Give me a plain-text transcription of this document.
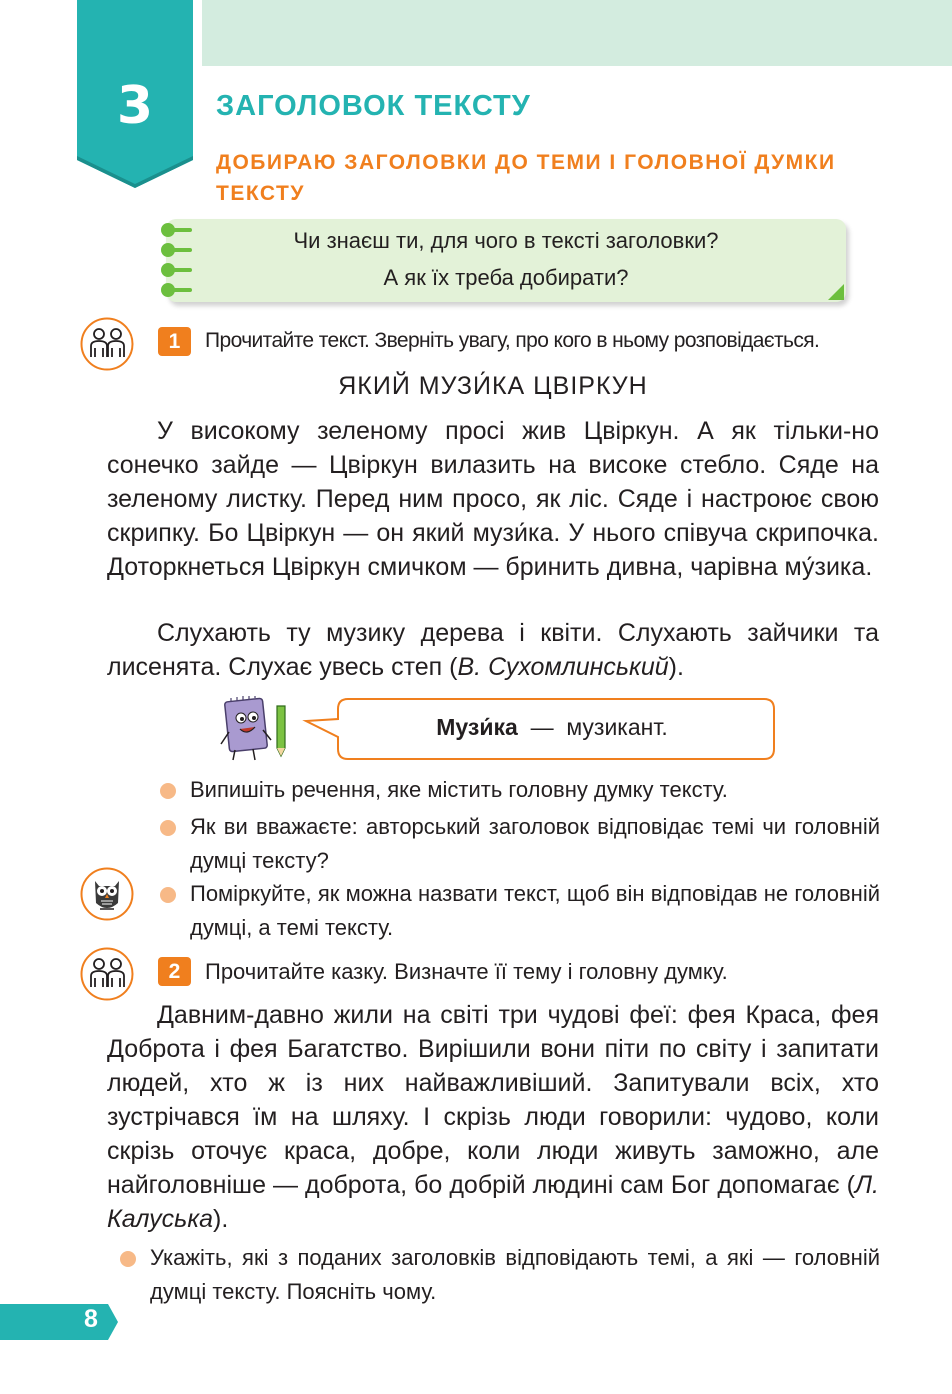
3	ЗАГОЛОВОК ТЕКСТУ
ДОБИРАЮ ЗАГОЛОВКИ ДО ТЕМИ І ГОЛОВНОЇ ДУМКИ ТЕКСТУ
Чи знаєш ти, для чого в тексті заголовки?
А як їх треба добирати?
1	Прочитайте текст. Зверніть увагу, про кого в ньому розповідається.
ЯКИЙ МУЗИ́КА ЦВІРКУН
У високому зеленому просі жив Цвіркун. А як тільки-но сонечко зайде — Цвіркун вилазить на високе стебло. Сяде на зеленому листку. Перед ним просо, як ліс. Сяде і настроює свою скрипку. Бо Цвіркун — он який музи́ка. У нього співуча скрипочка. Доторкнеться Цвіркун смичком — бринить дивна, чарівна му́зика.
Слухають ту музику дерева і квіти. Слухають зайчики та лисенята. Слухає увесь степ (В. Сухомлинський).
Музи́ка — музикант.
Випишіть речення, яке містить головну думку тексту.
Як ви вважаєте: авторський заголовок відповідає темі чи головній думці тексту?
Поміркуйте, як можна назвати текст, щоб він відповідав не головній думці, а темі тексту.
2	Прочитайте казку. Визначте її тему і головну думку.
Давним-давно жили на світі три чудові феї: фея Краса, фея Доброта і фея Багатство. Вирішили вони піти по світу і запитати людей, хто ж із них найважливіший. Запитували всіх, хто зустрічався їм на шляху. І скрізь люди говорили: чудово, коли скрізь оточує краса, добре, коли люди живуть заможно, але найголовніше — доброта, бо добрій людині сам Бог допомагає (Л. Калуська).
Укажіть, які з поданих заголовків відповідають темі, а які — головній думці тексту. Поясніть чому.
8
